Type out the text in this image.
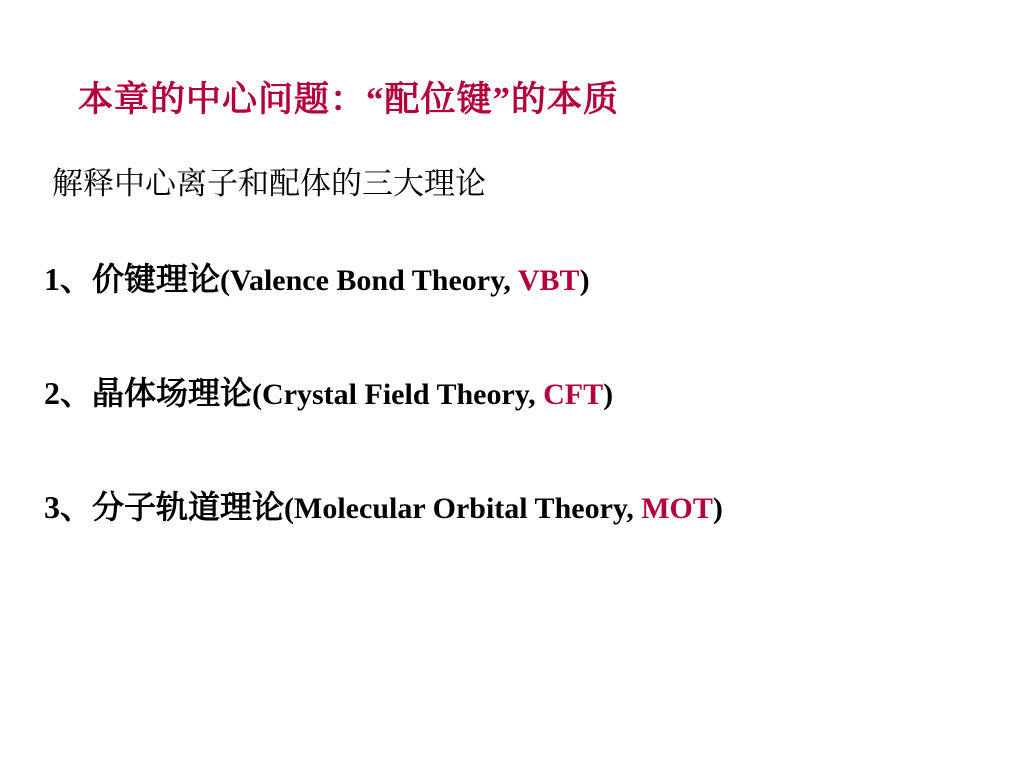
本章的中心问题：“配位键”的本质
解释中心离子和配体的三大理论
1、价键理论(Valence Bond Theory, VBT)
2、晶体场理论(Crystal Field Theory, CFT)
3、分子轨道理论(Molecular Orbital Theory, MOT)
